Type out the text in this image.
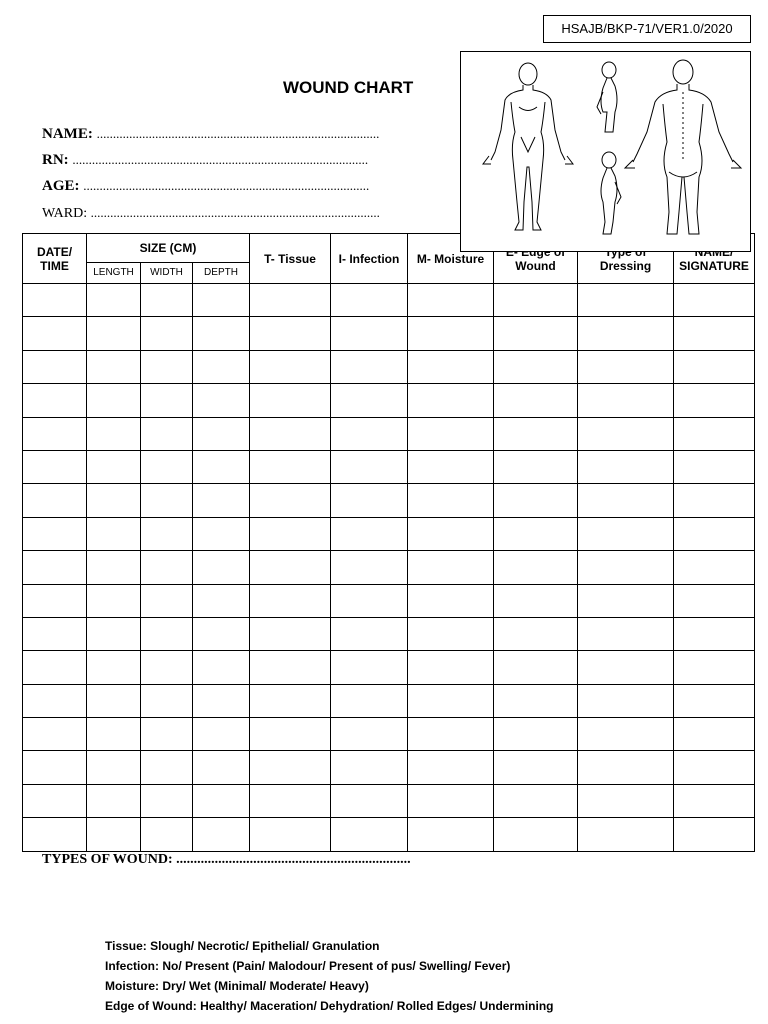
HSAJB/BKP-71/VER1.0/2020
WOUND CHART
NAME: .......................................................................................
RN: ...........................................................................................
AGE: ........................................................................................
WARD: .........................................................................................
DATE/ TIME	SIZE (CM)			T- Tissue	I- Infection	M- Moisture	Wound	Dressing	SIGNATURE
	LENGTH	WIDTH	DEPTH						

TYPES OF WOUND: ...................................................................
Tissue: Slough/ Necrotic/ Epithelial/ Granulation
Infection: No/ Present (Pain/ Malodour/ Present of pus/ Swelling/ Fever)
Moisture: Dry/ Wet (Minimal/ Moderate/ Heavy)
Edge of Wound: Healthy/ Maceration/ Dehydration/ Rolled Edges/ Undermining
